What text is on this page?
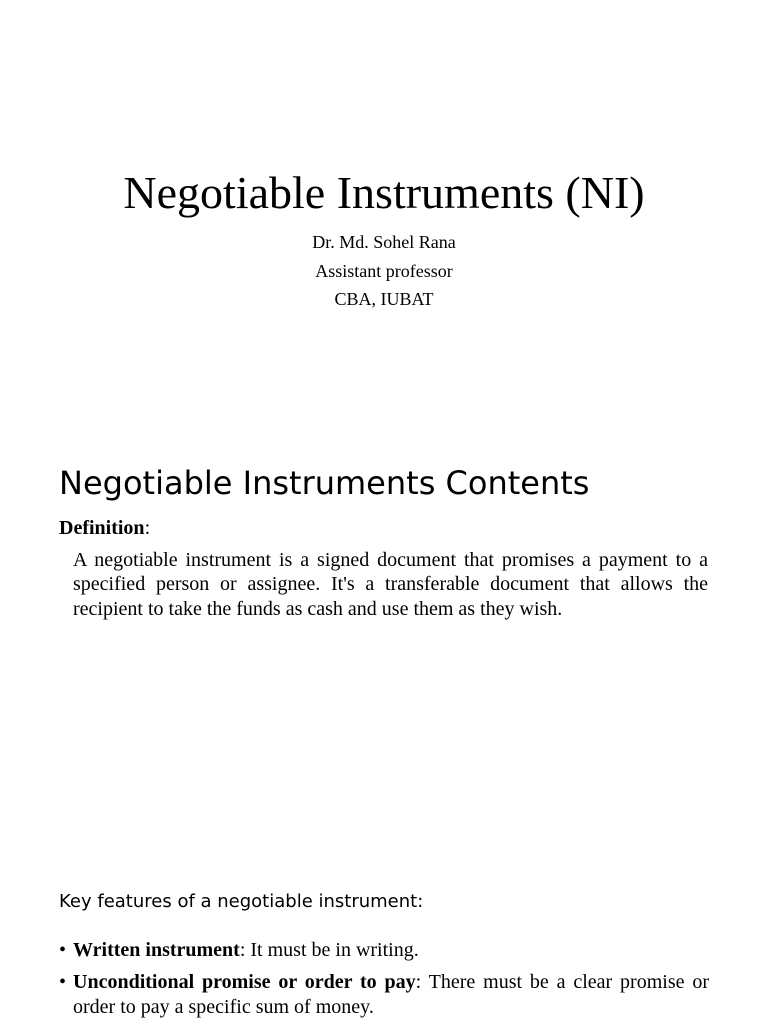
Negotiable Instruments (NI)
Dr. Md. Sohel Rana
Assistant professor
CBA, IUBAT
Negotiable Instruments Contents
Definition:

A negotiable instrument is a signed document that promises a payment to a specified person or assignee. It's a transferable document that allows the recipient to take the funds as cash and use them as they wish.

Key features of a negotiable instrument:
• Written instrument: It must be in writing.
• Unconditional promise or order to pay: There must be a clear promise or order to pay a specific sum of money.
